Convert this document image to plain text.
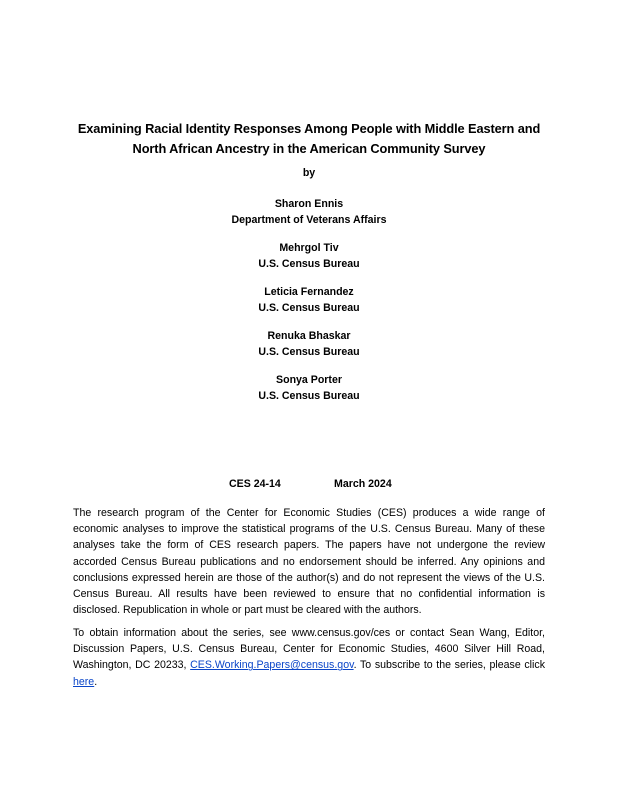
Examining Racial Identity Responses Among People with Middle Eastern and
North African Ancestry in the American Community Survey
by
Sharon Ennis
Department of Veterans Affairs
Mehrgol Tiv
U.S. Census Bureau
Leticia Fernandez
U.S. Census Bureau
Renuka Bhaskar
U.S. Census Bureau
Sonya Porter
U.S. Census Bureau
CES 24-14	March 2024
The research program of the Center for Economic Studies (CES) produces a wide range of economic analyses to improve the statistical programs of the U.S. Census Bureau. Many of these analyses take the form of CES research papers. The papers have not undergone the review accorded Census Bureau publications and no endorsement should be inferred. Any opinions and conclusions expressed herein are those of the author(s) and do not represent the views of the U.S. Census Bureau. All results have been reviewed to ensure that no confidential information is disclosed. Republication in whole or part must be cleared with the authors.
To obtain information about the series, see www.census.gov/ces or contact Sean Wang, Editor, Discussion Papers, U.S. Census Bureau, Center for Economic Studies, 4600 Silver Hill Road, Washington, DC 20233, CES.Working.Papers@census.gov. To subscribe to the series, please click here.
